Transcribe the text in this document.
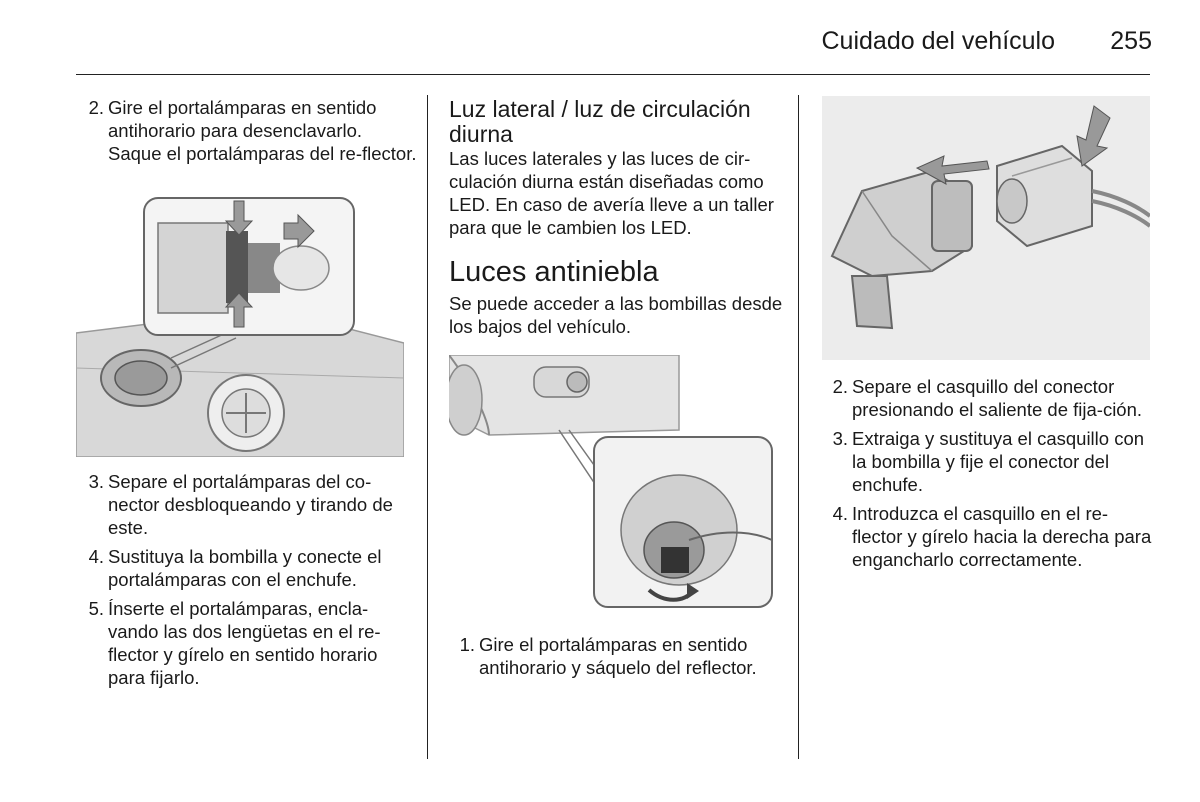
Cuidado del vehículo	255
2. Gire el portalámparas en sentido antihorario para desenclavarlo. Saque el portalámparas del re-flector.
3. Separe el portalámparas del co-nector desbloqueando y tirando de este.
4. Sustituya la bombilla y conecte el portalámparas con el enchufe.
5. Ínserte el portalámparas, encla-vando las dos lengüetas en el re-flector y gírelo en sentido horario para fijarlo.
Luz lateral / luz de circulación diurna

Las luces laterales y las luces de cir-culación diurna están diseñadas como LED. En caso de avería lleve a un taller para que le cambien los LED.

Luces antiniebla

Se puede acceder a las bombillas desde los bajos del vehículo.

1. Gire el portalámparas en sentido antihorario y sáquelo del reflector.
2. Separe el casquillo del conector presionando el saliente de fija-ción.
3. Extraiga y sustituya el casquillo con la bombilla y fije el conector del enchufe.
4. Introduzca el casquillo en el re-flector y gírelo hacia la derecha para engancharlo correctamente.
